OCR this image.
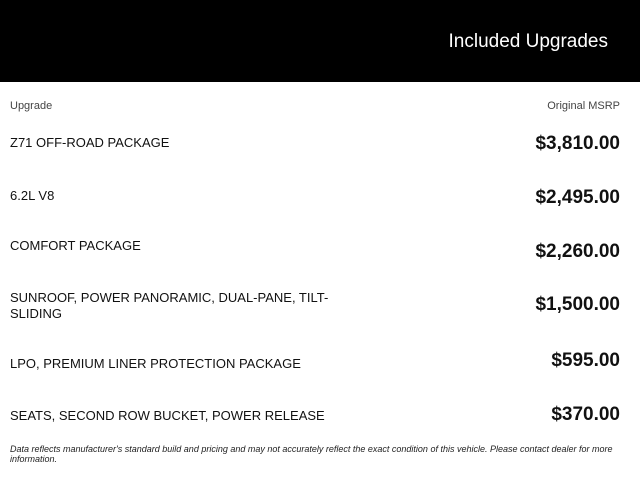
Included Upgrades
Upgrade	Original MSRP
Z71 OFF-ROAD PACKAGE	$3,810.00
6.2L V8	$2,495.00
COMFORT PACKAGE	$2,260.00
SUNROOF, POWER PANORAMIC, DUAL-PANE, TILT-SLIDING	$1,500.00
LPO, PREMIUM LINER PROTECTION PACKAGE	$595.00
SEATS, SECOND ROW BUCKET, POWER RELEASE	$370.00
Data reflects manufacturer's standard build and pricing and may not accurately reflect the exact condition of this vehicle. Please contact dealer for more information.
